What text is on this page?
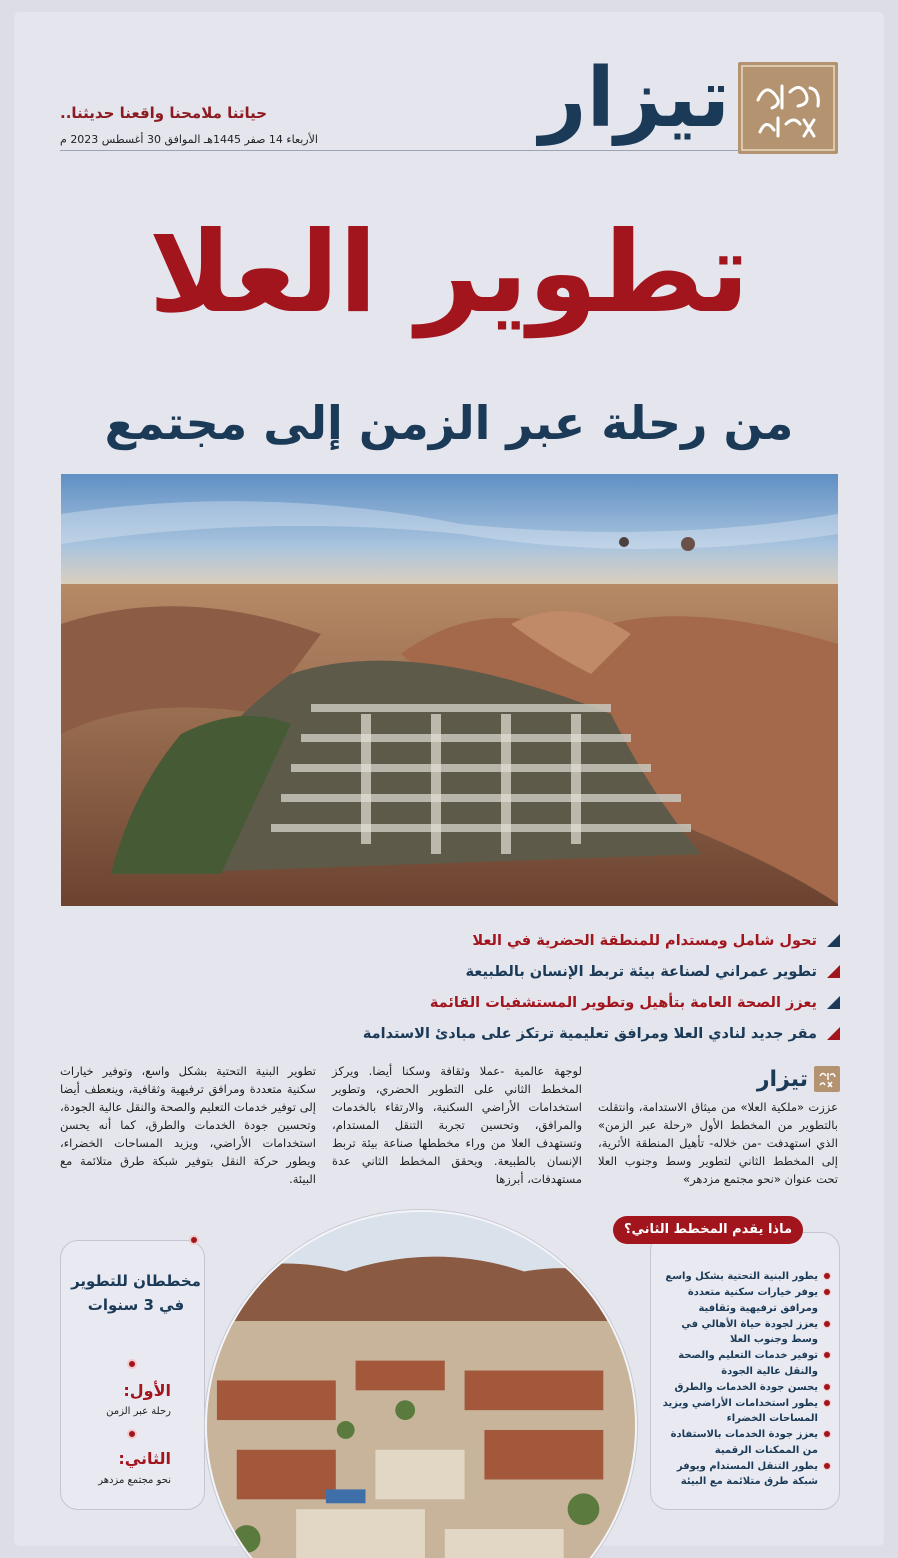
تيزار
حياتنا ملامحنا واقعنا حديثنا..
الأربعاء 14 صفر 1445هـ الموافق 30 أغسطس 2023 م
تطوير العلا
من رحلة عبر الزمن إلى مجتمع
تحول شامل ومستدام للمنطقة الحضرية في العلا
تطوير عمراني لصناعة بيئة تربط الإنسان بالطبيعة
يعزز الصحة العامة بتأهيل وتطوير المستشفيات القائمة
مقر جديد لنادي العلا ومرافق تعليمية ترتكز على مبادئ الاستدامة
تيزار
عززت «ملكية العلا» من ميثاق الاستدامة، وانتقلت بالتطوير من المخطط الأول «رحلة عبر الزمن» الذي استهدفت -من خلاله- تأهيل المنطقة الأثرية، إلى المخطط الثاني لتطوير وسط وجنوب العلا تحت عنوان «نحو مجتمع مزدهر»
لوجهة عالمية -عملا وثقافة وسكنا أيضا. ويركز المخطط الثاني على التطوير الحضري، وتطوير استخدامات الأراضي السكنية، والارتقاء بالخدمات والمرافق، وتحسين تجربة التنقل المستدام، وتستهدف العلا من وراء مخططها صناعة بيئة تربط الإنسان بالطبيعة. ويحقق المخطط الثاني عدة مستهدفات، أبرزها
تطوير البنية التحتية بشكل واسع، وتوفير خيارات سكنية متعددة ومرافق ترفيهية وثقافية، وينعطف أيضا إلى توفير خدمات التعليم والصحة والنقل عالية الجودة، وتحسين جودة الخدمات والطرق، كما أنه يحسن استخدامات الأراضي، ويزيد المساحات الخضراء، ويطور حركة النقل بتوفير شبكة طرق متلائمة مع البيئة.
مخططان للتطوير في 3 سنوات
الأول:
رحلة عبر الزمن
الثاني:
نحو مجتمع مزدهر
يطور البنية التحتية بشكل واسع
يوفر خيارات سكنية متعددة ومرافق ترفيهية وثقافية
يعزز لجودة حياة الأهالي في وسط وجنوب العلا
توفير خدمات التعليم والصحة والنقل عالية الجودة
يحسن جودة الخدمات والطرق
يطور استخدامات الأراضي ويزيد المساحات الخضراء
يعزز جودة الخدمات بالاستفادة من الممكنات الرقمية
يطور التنقل المستدام ويوفر شبكة طرق متلائمة مع البيئة
ماذا يقدم المخطط الثاني؟
